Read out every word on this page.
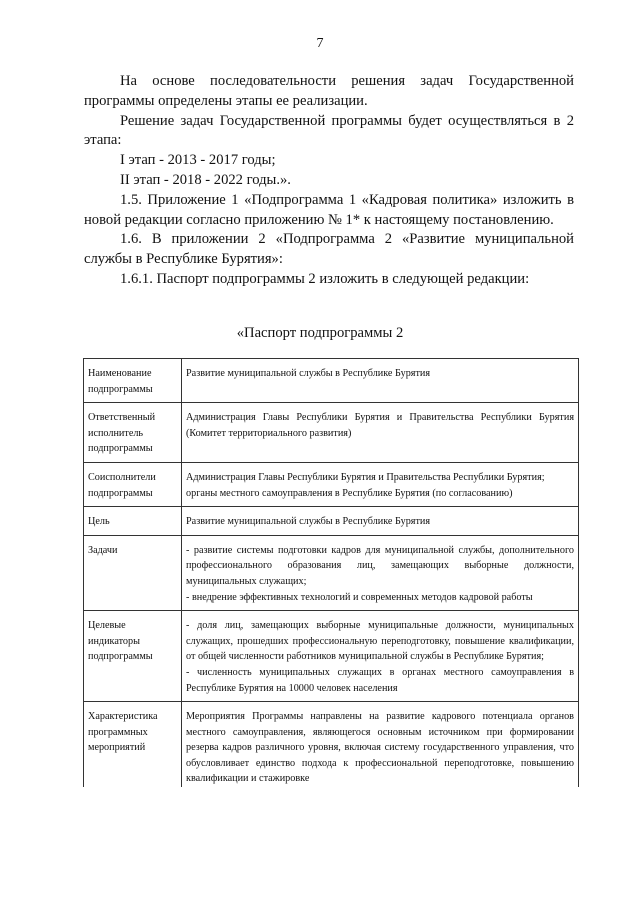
7

На основе последовательности решения задач Государственной программы определены этапы ее реализации.

Решение задач Государственной программы будет осуществляться в 2 этапа:

I этап - 2013 - 2017 годы;

II этап - 2018 - 2022 годы.».

1.5. Приложение 1 «Подпрограмма 1 «Кадровая политика» изложить в новой редакции согласно приложению № 1* к настоящему постановлению.

1.6. В приложении 2 «Подпрограмма 2 «Развитие муниципальной службы в Республике Бурятия»:

1.6.1. Паспорт подпрограммы 2 изложить в следующей редакции:

«Паспорт подпрограммы 2
Наименование подпрограммы	Развитие муниципальной службы в Республике Бурятия

Ответственный исполнитель подпрограммы	Администрация Главы Республики Бурятия и Правительства Республики Бурятия (Комитет территориального развития)

Соисполнители подпрограммы	Администрация Главы Республики Бурятия и Правительства Республики Бурятия;
органы местного самоуправления в Республике Бурятия (по согласованию)

Цель	Развитие муниципальной службы в Республике Бурятия

Задачи	- развитие системы подготовки кадров для муниципальной службы, дополнительного профессионального образования лиц, замещающих выборные должности, муниципальных служащих;
- внедрение эффективных технологий и современных методов кадровой работы

Целевые индикаторы подпрограммы	- доля лиц, замещающих выборные муниципальные должности, муниципальных служащих, прошедших профессиональную переподготовку, повышение квалификации, от общей численности работников муниципальной службы в Республике Бурятия;
- численность муниципальных служащих в органах местного самоуправления в Республике Бурятия на 10000 человек населения

Характеристика программных мероприятий	Мероприятия Программы направлены на развитие кадрового потенциала органов местного самоуправления, являющегося основным источником при формировании резерва кадров различного уровня, включая систему государственного управления, что обусловливает единство подхода к профессиональной переподготовке, повышению квалификации и стажировке
